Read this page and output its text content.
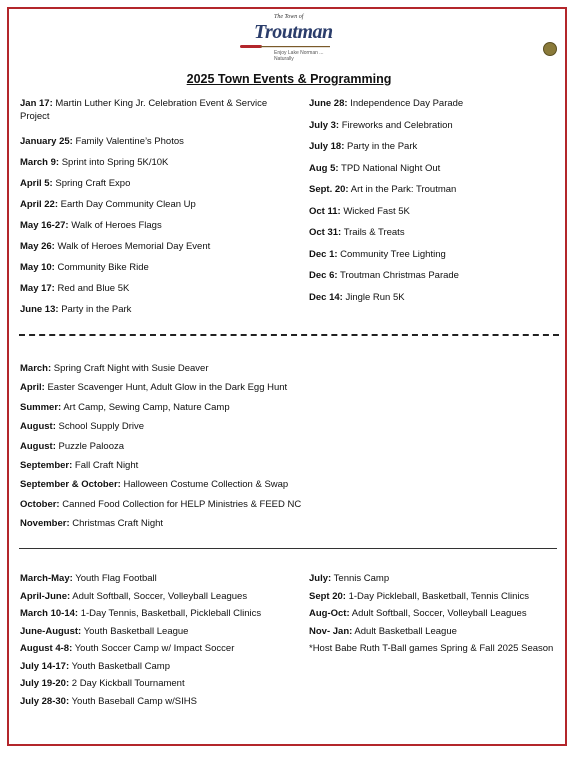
The Town of
Troutman
Enjoy Lake Norman ... Naturally
2025 Town Events & Programming
Jan 17: Martin Luther King Jr. Celebration Event & Service Project
January 25: Family Valentine’s Photos
March 9: Sprint into Spring 5K/10K
April 5: Spring Craft Expo
April 22: Earth Day Community Clean Up
May 16-27: Walk of Heroes Flags
May 26: Walk of Heroes Memorial Day Event
May 10: Community Bike Ride
May 17: Red and Blue 5K
June 13: Party in the Park
June 28: Independence Day Parade
July 3: Fireworks and Celebration
July 18: Party in the Park
Aug 5: TPD National Night Out
Sept. 20: Art in the Park: Troutman
Oct 11: Wicked Fast 5K
Oct 31: Trails & Treats
Dec 1: Community Tree Lighting
Dec 6: Troutman Christmas Parade
Dec 14: Jingle Run 5K
March: Spring Craft Night with Susie Deaver
April: Easter Scavenger Hunt, Adult Glow in the Dark Egg Hunt
Summer: Art Camp, Sewing Camp, Nature Camp
August: School Supply Drive
August: Puzzle Palooza
September: Fall Craft Night
September & October: Halloween Costume Collection & Swap
October: Canned Food Collection for HELP Ministries & FEED NC
November: Christmas Craft Night
March-May: Youth Flag Football
April-June: Adult Softball, Soccer, Volleyball Leagues
March 10-14: 1-Day Tennis, Basketball, Pickleball Clinics
June-August: Youth Basketball League
August 4-8: Youth Soccer Camp w/ Impact Soccer
July 14-17: Youth Basketball Camp
July 19-20: 2 Day Kickball Tournament
July 28-30: Youth Baseball Camp w/SIHS
July: Tennis Camp
Sept 20: 1-Day Pickleball, Basketball, Tennis Clinics
Aug-Oct: Adult Softball, Soccer, Volleyball Leagues
Nov- Jan: Adult Basketball League
*Host Babe Ruth T-Ball games Spring & Fall 2025 Season
